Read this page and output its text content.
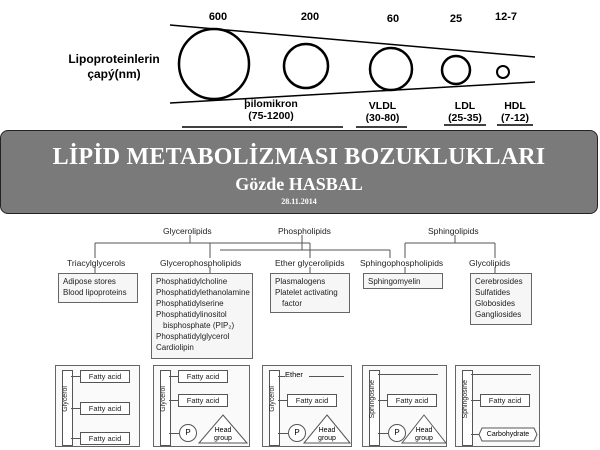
600	200	60	25	12-7
Lipoproteinlerin çapý(nm)
þilomikron
(75-1200)
VLDL
(30-80)
LDL
(25-35)
HDL
(7-12)
LİPİD METABOLİZMASI BOZUKLUKLARI
Gözde HASBAL
28.11.2014
Glycerolipids	Phospholipids	Sphingolipids
Triacylglycerols	Glycerophospholipids	Ether glycerolipids Sphingophospholipids	Glycolipids
Adipose stores
Blood lipoproteins
Phosphatidylcholine
Phosphatidylethanolamine
Phosphatidylserine
Phosphatidylinositol
bisphosphate (PIP₂)
Phosphatidylglycerol
Cardiolipin
Plasmalogens
Platelet activating
factor
Sphingomyelin	Cerebrosides
Sulfatides
Globosides
Gangliosides
Glycerol
Fatty acid
Fatty acid
Fatty acid
Glycerol
Fatty acid
Fatty acid
P	Head group
Glycerol
Ether
Fatty acid
P	Head group
Sphingosine	Fatty acid
P	Head group
Sphingosine	Fatty acid
Carbohydrate
